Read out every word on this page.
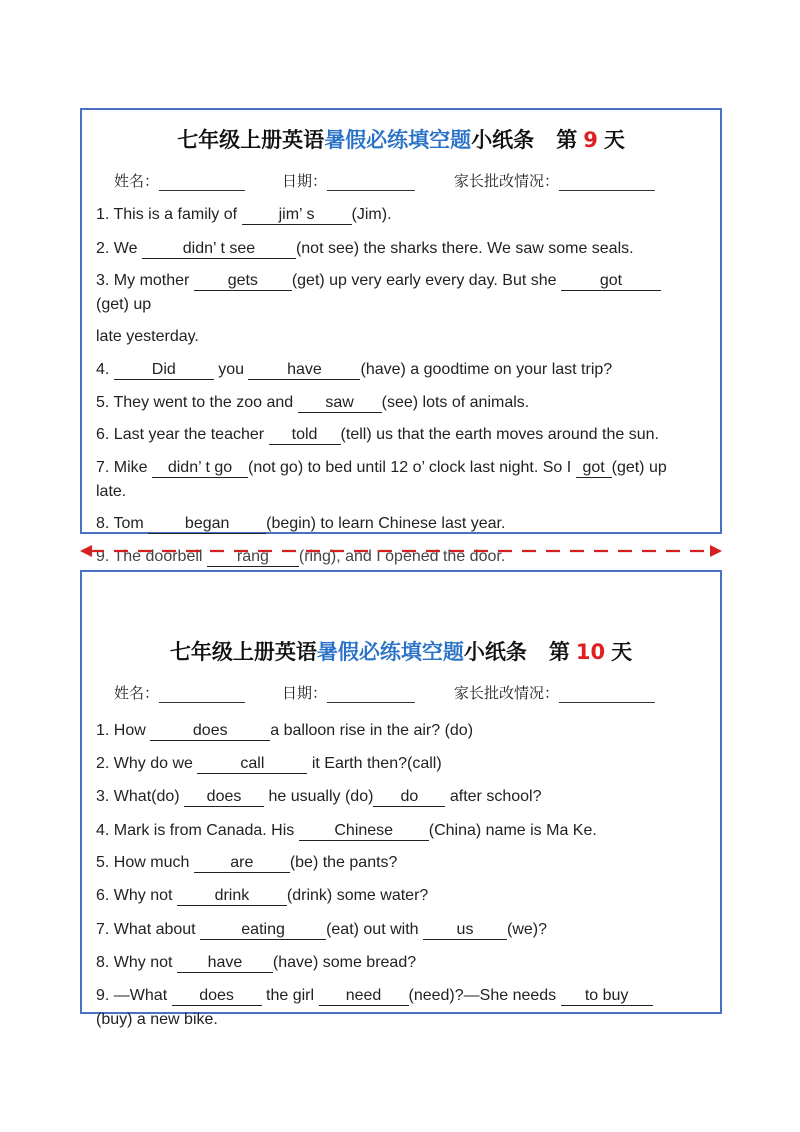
七年级上册英语暑假必练填空题小纸条 第 9 天
姓名：	日期：	家长批改情况：
1. This is a family of jim’ s (Jim).
2. We	didn’ t see	(not see) the sharks there. We saw some seals.
3. My mother gets (get) up very early every day. But she got
(get) up
late yesterday.
4. Did you have (have) a goodtime on your last trip?
5. They went to the zoo and saw (see) lots of animals.
6. Last year the teacher told (tell) us that the earth moves around the sun.
7. Mike didn’ t go (not go) to bed until 12 o’ clock last night. So I got (get) up
late.
8. Tom began (begin) to learn Chinese last year.
9. The doorbell rang (ring), and I opened the door.
七年级上册英语暑假必练填空题小纸条 第 10 天
姓名：	日期：	家长批改情况：
1. How	does	a balloon rise in the air? (do)
2. Why do we	call	it Earth then?(call)
3. What(do) does he usually (do) do after school?
4. Mark is from Canada. His Chinese (China) name is Ma Ke.
5. How much are (be) the pants?
6. Why not drink (drink) some water?
7. What about	eating	(eat) out with us (we)?
8. Why not have (have) some bread?
9. —What does the girl need (need)?—She needs to buy
(buy) a new bike.
